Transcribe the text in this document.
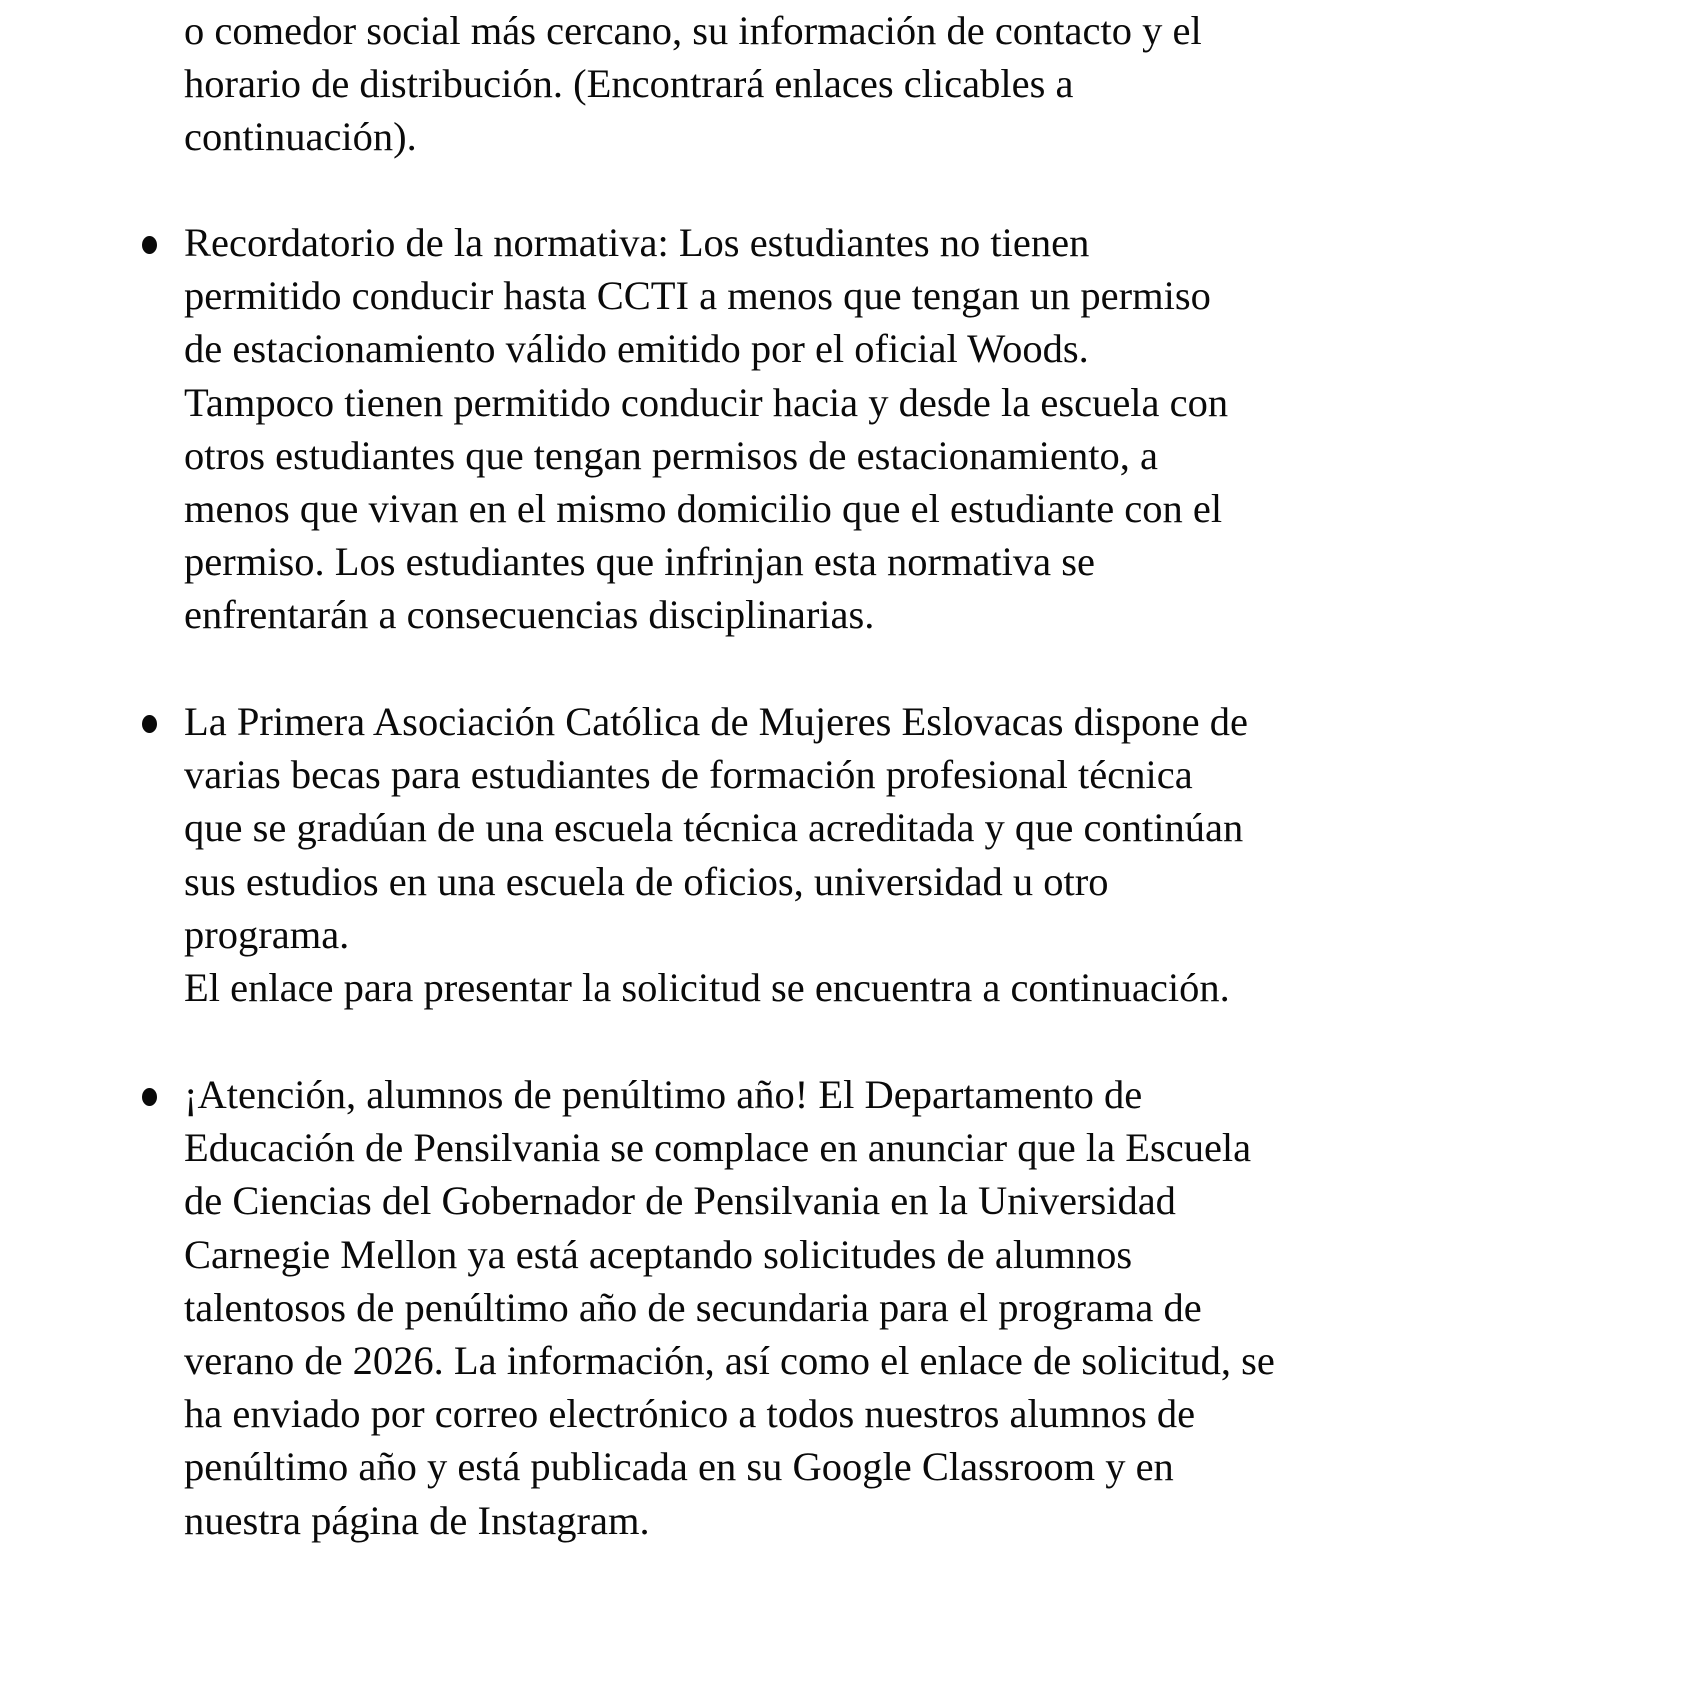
o comedor social más cercano, su información de contacto y el
horario de distribución. (Encontrará enlaces clicables a
continuación).
Recordatorio de la normativa: Los estudiantes no tienen
permitido conducir hasta CCTI a menos que tengan un permiso
de estacionamiento válido emitido por el oficial Woods.
Tampoco tienen permitido conducir hacia y desde la escuela con
otros estudiantes que tengan permisos de estacionamiento, a
menos que vivan en el mismo domicilio que el estudiante con el
permiso. Los estudiantes que infrinjan esta normativa se
enfrentarán a consecuencias disciplinarias.
La Primera Asociación Católica de Mujeres Eslovacas dispone de
varias becas para estudiantes de formación profesional técnica
que se gradúan de una escuela técnica acreditada y que continúan
sus estudios en una escuela de oficios, universidad u otro
programa.
El enlace para presentar la solicitud se encuentra a continuación.
¡Atención, alumnos de penúltimo año! El Departamento de
Educación de Pensilvania se complace en anunciar que la Escuela
de Ciencias del Gobernador de Pensilvania en la Universidad
Carnegie Mellon ya está aceptando solicitudes de alumnos
talentosos de penúltimo año de secundaria para el programa de
verano de 2026. La información, así como el enlace de solicitud, se
ha enviado por correo electrónico a todos nuestros alumnos de
penúltimo año y está publicada en su Google Classroom y en
nuestra página de Instagram.
